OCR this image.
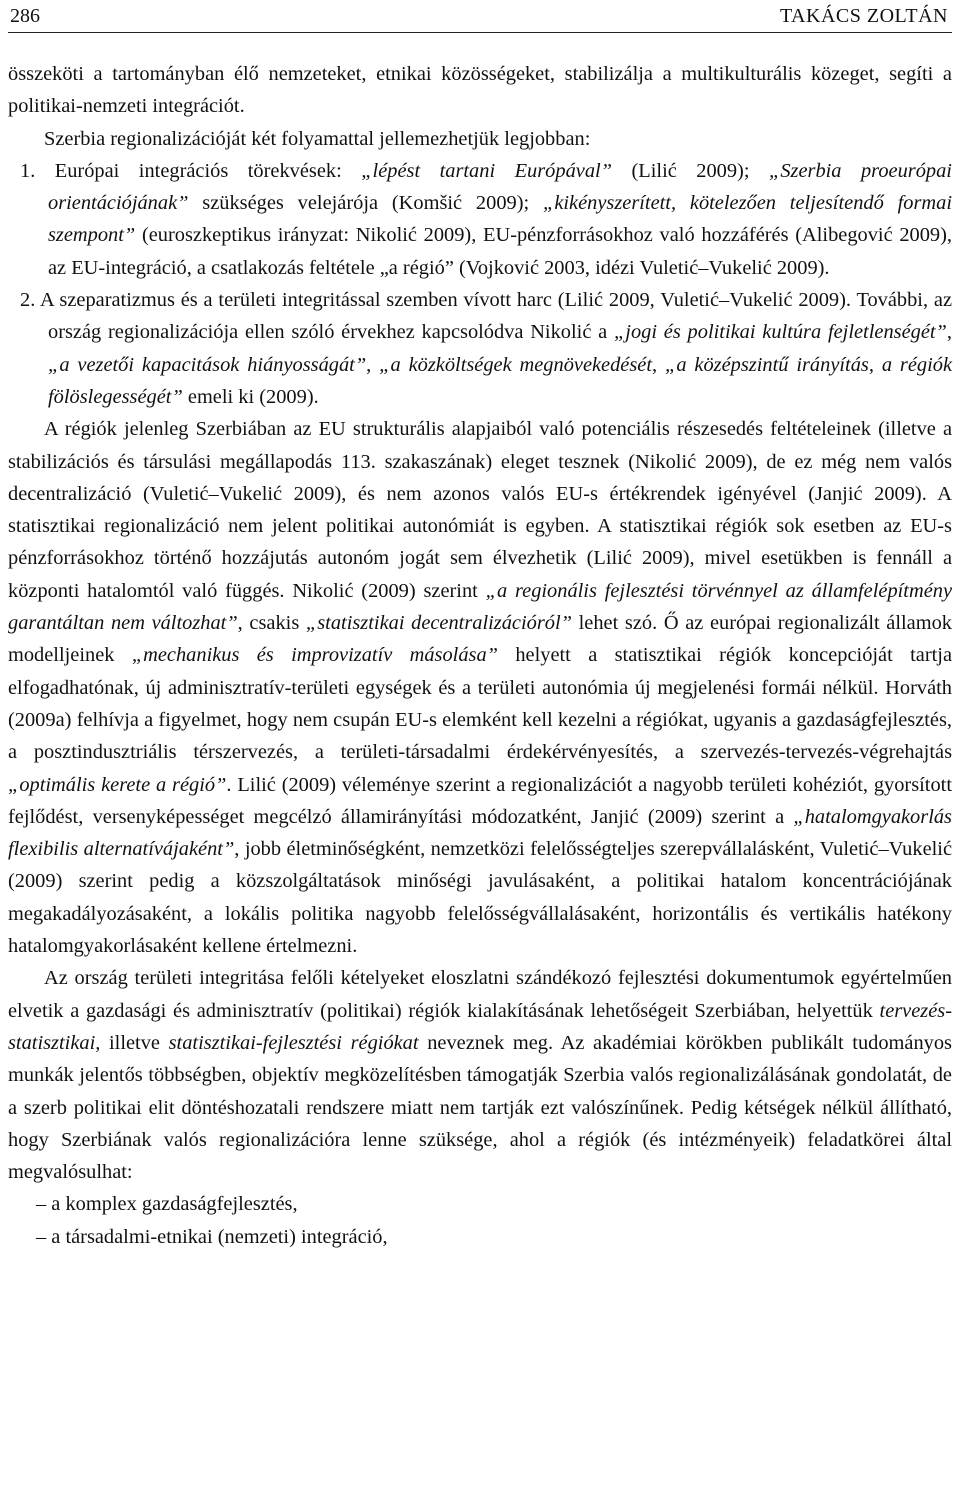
286	TAKÁCS ZOLTÁN

összeköti a tartományban élő nemzeteket, etnikai közösségeket, stabilizálja a multikulturális közeget, segíti a politikai-nemzeti integrációt.

Szerbia regionalizációját két folyamattal jellemezhetjük legjobban:

1. Európai integrációs törekvések: „lépést tartani Európával” (Lilić 2009); „Szerbia proeurópai orientációjának” szükséges velejárója (Komšić 2009); „kikényszerített, kötelezően teljesítendő formai szempont” (euroszkeptikus irányzat: Nikolić 2009), EU-pénzforrásokhoz való hozzáférés (Alibegović 2009), az EU-integráció, a csatlakozás feltétele „a régió” (Vojković 2003, idézi Vuletić–Vukelić 2009).

2. A szeparatizmus és a területi integritással szemben vívott harc (Lilić 2009, Vuletić–Vukelić 2009). További, az ország regionalizációja ellen szóló érvekhez kapcsolódva Nikolić a „jogi és politikai kultúra fejletlenségét”, „a vezetői kapacitások hiányosságát”, „a közköltségek megnövekedését, „a középszintű irányítás, a régiók fölöslegességét” emeli ki (2009).

A régiók jelenleg Szerbiában az EU strukturális alapjaiból való potenciális részesedés feltételeinek (illetve a stabilizációs és társulási megállapodás 113. szakaszának) eleget tesznek (Nikolić 2009), de ez még nem valós decentralizáció (Vuletić–Vukelić 2009), és nem azonos valós EU-s értékrendek igényével (Janjić 2009). A statisztikai regionalizáció nem jelent politikai autonómiát is egyben. A statisztikai régiók sok esetben az EU-s pénzforrásokhoz történő hozzájutás autonóm jogát sem élvezhetik (Lilić 2009), mivel esetükben is fennáll a központi hatalomtól való függés. Nikolić (2009) szerint „a regionális fejlesztési törvénnyel az államfelépítmény garantáltan nem változhat”, csakis „statisztikai decentralizációról” lehet szó. Ő az európai regionalizált államok modelljeinek „mechanikus és improvizatív másolása” helyett a statisztikai régiók koncepcióját tartja elfogadhatónak, új adminisztratív-területi egységek és a területi autonómia új megjelenési formái nélkül. Horváth (2009a) felhívja a figyelmet, hogy nem csupán EU-s elemként kell kezelni a régiókat, ugyanis a gazdaságfejlesztés, a posztindusztriális térszervezés, a területi-társadalmi érdekérvényesítés, a szervezés-tervezés-végrehajtás „optimális kerete a régió”. Lilić (2009) véleménye szerint a regionalizációt a nagyobb területi kohéziót, gyorsított fejlődést, versenyképességet megcélzó államirányítási módozatként, Janjić (2009) szerint a „hatalomgyakorlás flexibilis alternatívájaként”, jobb életminőségként, nemzetközi felelősségteljes szerepvállalásként, Vuletić–Vukelić (2009) szerint pedig a közszolgáltatások minőségi javulásaként, a politikai hatalom koncentrációjának megakadályozásaként, a lokális politika nagyobb felelősségvállalásaként, horizontális és vertikális hatékony hatalomgyakorlásaként kellene értelmezni.

Az ország területi integritása felőli kételyeket eloszlatni szándékozó fejlesztési dokumentumok egyértelműen elvetik a gazdasági és adminisztratív (politikai) régiók kialakításának lehetőségeit Szerbiában, helyettük tervezés-statisztikai, illetve statisztikai-fejlesztési régiókat neveznek meg. Az akadémiai körökben publikált tudományos munkák jelentős többségben, objektív megközelítésben támogatják Szerbia valós regionalizálásának gondolatát, de a szerb politikai elit döntéshozatali rendszere miatt nem tartják ezt valószínűnek. Pedig kétségek nélkül állítható, hogy Szerbiának valós regionalizációra lenne szüksége, ahol a régiók (és intézményeik) feladatkörei által megvalósulhat:

– a komplex gazdaságfejlesztés,

– a társadalmi-etnikai (nemzeti) integráció,
